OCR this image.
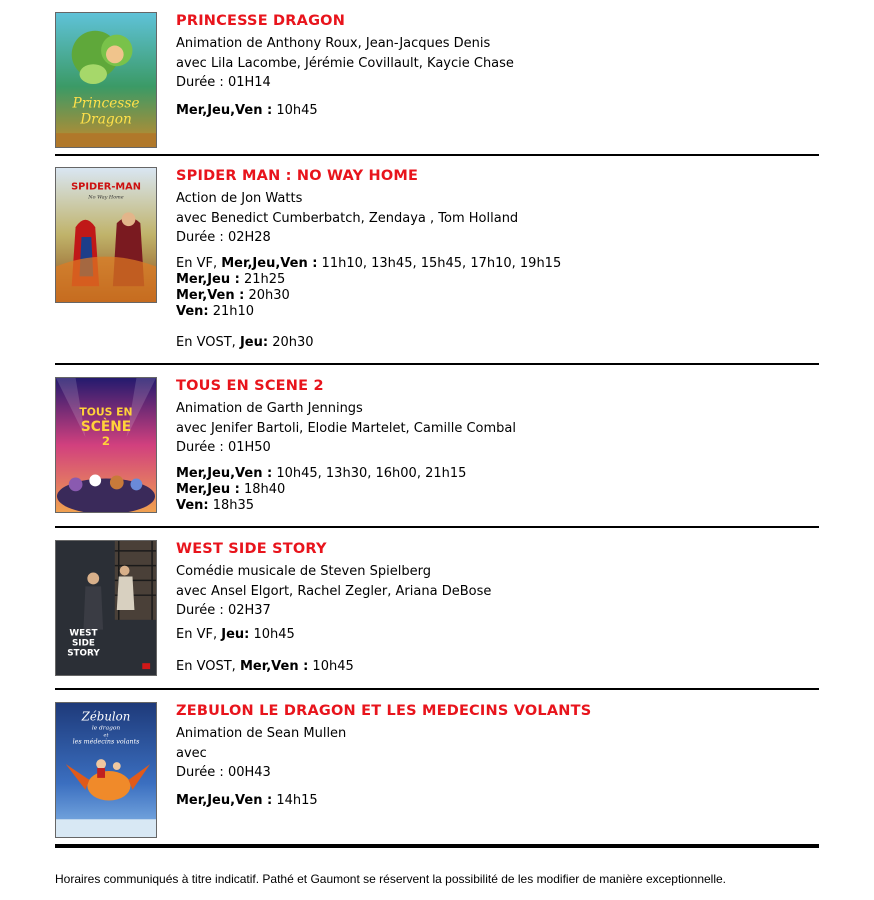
Princesse
Dragon

PRINCESSE DRAGON

Animation de Anthony Roux, Jean-Jacques Denis

avec Lila Lacombe, Jérémie Covillault, Kaycie Chase

Durée : 01H14

Mer,Jeu,Ven : 10h45

SPIDER-MAN
No Way Home

SPIDER MAN : NO WAY HOME

Action de Jon Watts

avec Benedict Cumberbatch, Zendaya , Tom Holland

Durée : 02H28

En VF, Mer,Jeu,Ven : 11h10, 13h45, 15h45, 17h10, 19h15

Mer,Jeu : 21h25

Mer,Ven : 20h30

Ven: 21h10

En VOST, Jeu: 20h30

TOUS EN
SCÈNE
2

TOUS EN SCENE 2

Animation de Garth Jennings

avec Jenifer Bartoli, Elodie Martelet, Camille Combal

Durée : 01H50

Mer,Jeu,Ven : 10h45, 13h30, 16h00, 21h15

Mer,Jeu : 18h40

Ven: 18h35

WEST
SIDE
STORY

WEST SIDE STORY

Comédie musicale de Steven Spielberg

avec Ansel Elgort, Rachel Zegler, Ariana DeBose

Durée : 02H37

En VF, Jeu: 10h45

En VOST, Mer,Ven : 10h45

Zébulon
le dragon
et
les médecins volants

ZEBULON LE DRAGON ET LES MEDECINS VOLANTS

Animation de Sean Mullen

avec

Durée : 00H43

Mer,Jeu,Ven : 14h15

Horaires communiqués à titre indicatif. Pathé et Gaumont se réservent la possibilité de les modifier de manière exceptionnelle.
